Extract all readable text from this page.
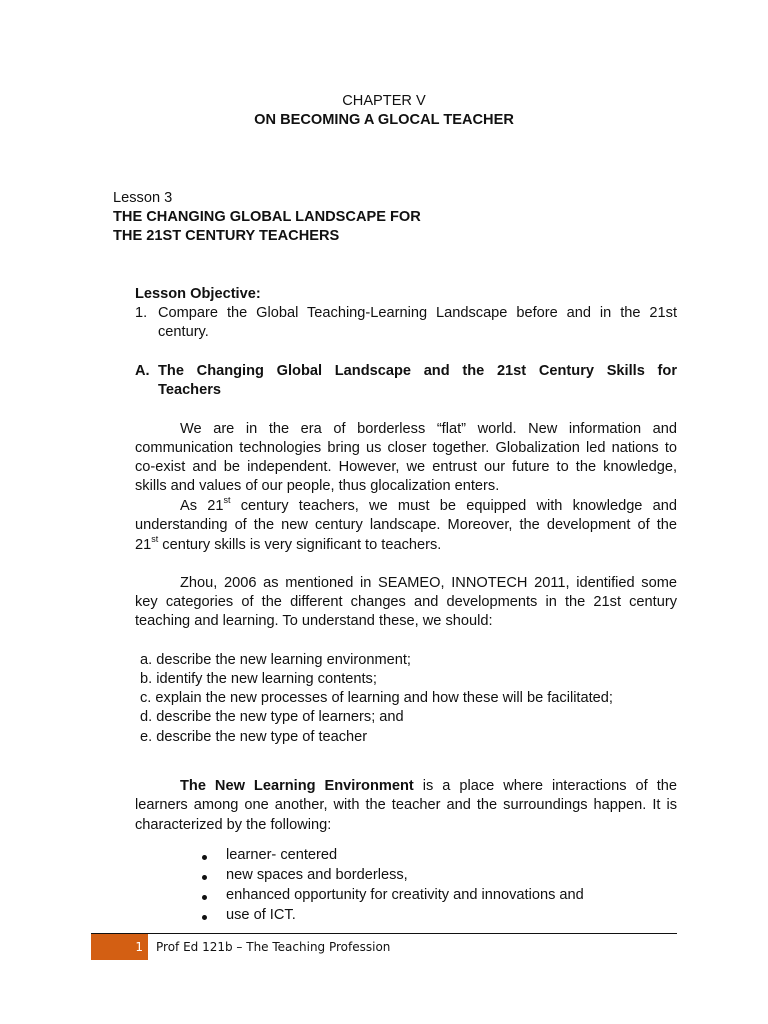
CHAPTER V
ON BECOMING A GLOCAL TEACHER
Lesson 3
THE CHANGING GLOBAL LANDSCAPE FOR
THE 21ST CENTURY TEACHERS
Lesson Objective:
1. Compare the Global Teaching-Learning Landscape before and in the 21st
century.
A. The Changing Global Landscape and the 21st Century Skills for
Teachers
We are in the era of borderless “flat” world. New information and
communication technologies bring us closer together. Globalization led nations to
co-exist and be independent. However, we entrust our future to the knowledge,
skills and values of our people, thus glocalization enters.
As 21st century teachers, we must be equipped with knowledge and
understanding of the new century landscape. Moreover, the development of the
21st century skills is very significant to teachers.
Zhou, 2006 as mentioned in SEAMEO, INNOTECH 2011, identified some
key categories of the different changes and developments in the 21st century
teaching and learning. To understand these, we should:
a. describe the new learning environment;
b. identify the new learning contents;
c. explain the new processes of learning and how these will be facilitated;
d. describe the new type of learners; and
e. describe the new type of teacher
The New Learning Environment is a place where interactions of the
learners among one another, with the teacher and the surroundings happen. It is
characterized by the following:
learner- centered
new spaces and borderless,
enhanced opportunity for creativity and innovations and
use of ICT.
1	Prof Ed 121b – The Teaching Profession
